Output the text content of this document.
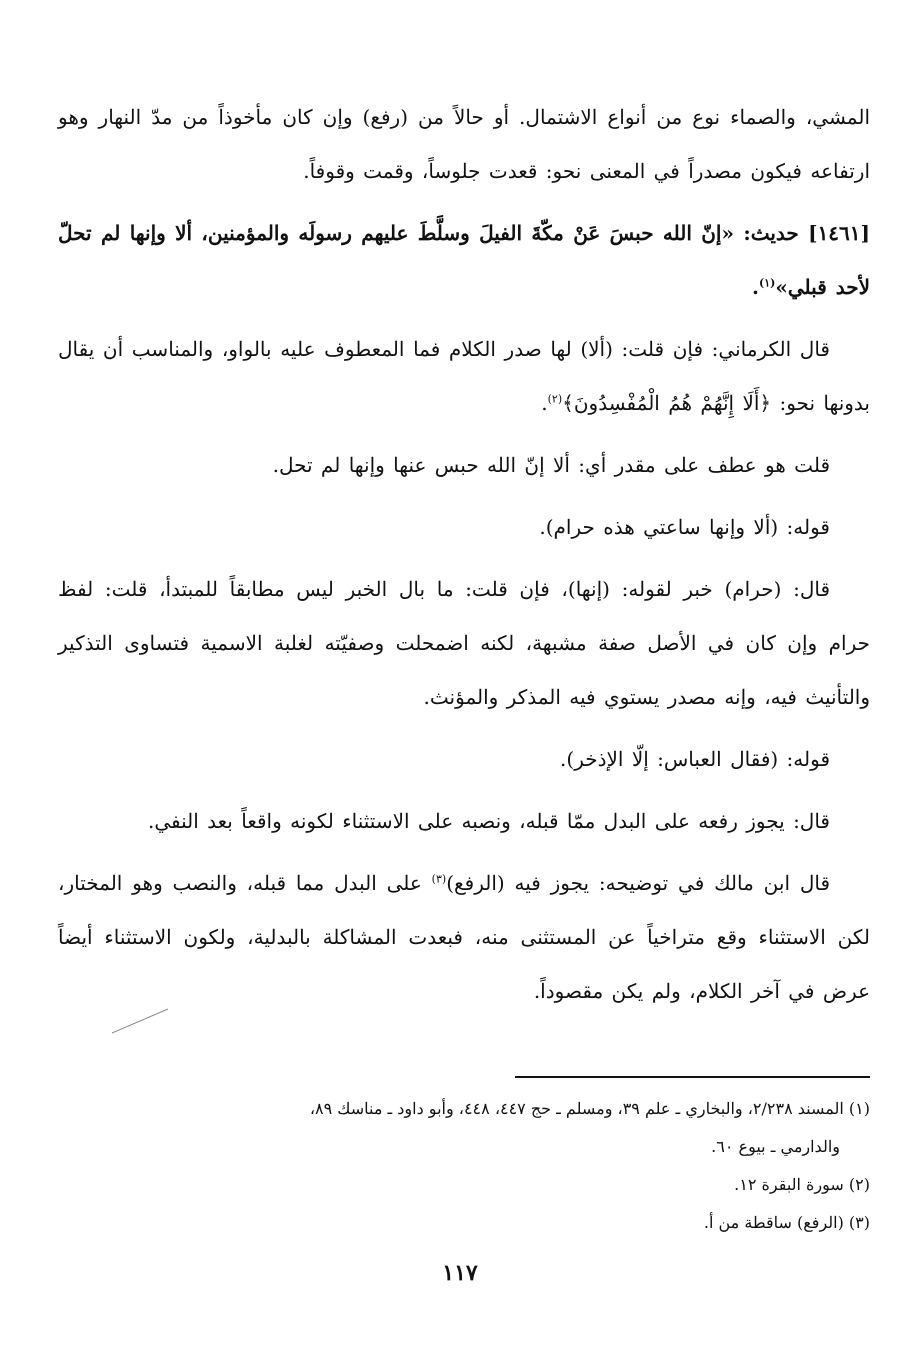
المشي، والصماء نوع من أنواع الاشتمال. أو حالاً من (رفع) وإن كان مأخوذاً من مدّ النهار وهو ارتفاعه فيكون مصدراً في المعنى نحو: قعدت جلوساً، وقمت وقوفاً.

[١٤٦١] حديث: «إنّ الله حبسَ عَنْ مكّةَ الفيلَ وسلَّطَ عليهم رسولَه والمؤمنين، ألا وإنها لم تحلّ لأحد قبلي»$^{(١)}$.

قال الكرماني: فإن قلت: (ألا) لها صدر الكلام فما المعطوف عليه بالواو، والمناسب أن يقال بدونها نحو: ﴿أَلَا إِنَّهُمْ هُمُ الْمُفْسِدُونَ﴾$^{(٢)}$.

قلت هو عطف على مقدر أي: ألا إنّ الله حبس عنها وإنها لم تحل.

قوله: (ألا وإنها ساعتي هذه حرام).

قال: (حرام) خبر لقوله: (إنها)، فإن قلت: ما بال الخبر ليس مطابقاً للمبتدأ، قلت: لفظ حرام وإن كان في الأصل صفة مشبهة، لكنه اضمحلت وصفيّته لغلبة الاسمية فتساوى التذكير والتأنيث فيه، وإنه مصدر يستوي فيه المذكر والمؤنث.

قوله: (فقال العباس: إلّا الإذخر).

قال: يجوز رفعه على البدل ممّا قبله، ونصبه على الاستثناء لكونه واقعاً بعد النفي.

قال ابن مالك في توضيحه: يجوز فيه (الرفع)$^{(٣)}$ على البدل مما قبله، والنصب وهو المختار، لكن الاستثناء وقع متراخياً عن المستثنى منه، فبعدت المشاكلة بالبدلية، ولكون الاستثناء أيضاً عرض في آخر الكلام، ولم يكن مقصوداً.

(١) المسند ٢/٢٣٨، والبخاري ـ علم ٣٩، ومسلم ـ حج ٤٤٧، ٤٤٨، وأبو داود ـ مناسك ٨٩،

والدارمي ـ بيوع ٦٠.

(٢) سورة البقرة ١٢.

(٣) (الرفع) ساقطة من أ.

١١٧
